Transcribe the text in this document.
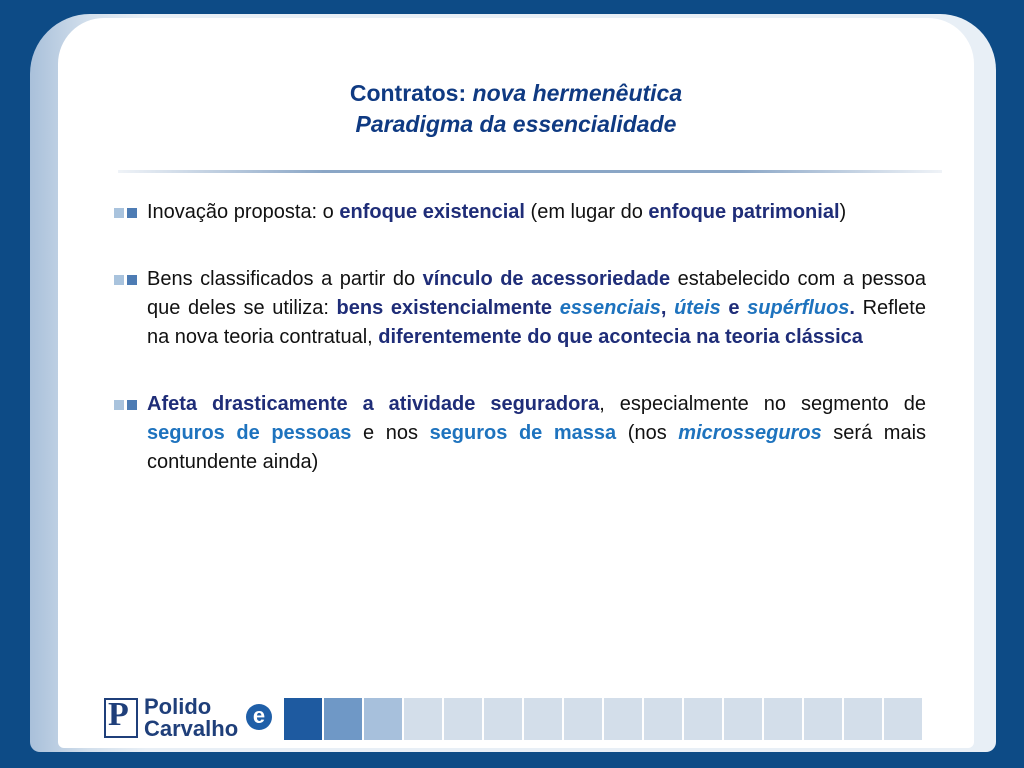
Contratos: nova hermenêutica
Paradigma da essencialidade
Inovação proposta: o enfoque existencial (em lugar do enfoque patrimonial)
Bens classificados a partir do vínculo de acessoriedade estabelecido com a pessoa que deles se utiliza: bens existencialmente essenciais, úteis e supérfluos. Reflete na nova teoria contratual, diferentemente do que acontecia na teoria clássica
Afeta drasticamente a atividade seguradora, especialmente no segmento de seguros de pessoas e nos seguros de massa (nos microsseguros será mais contundente ainda)
P Polido
Carvalho
e
